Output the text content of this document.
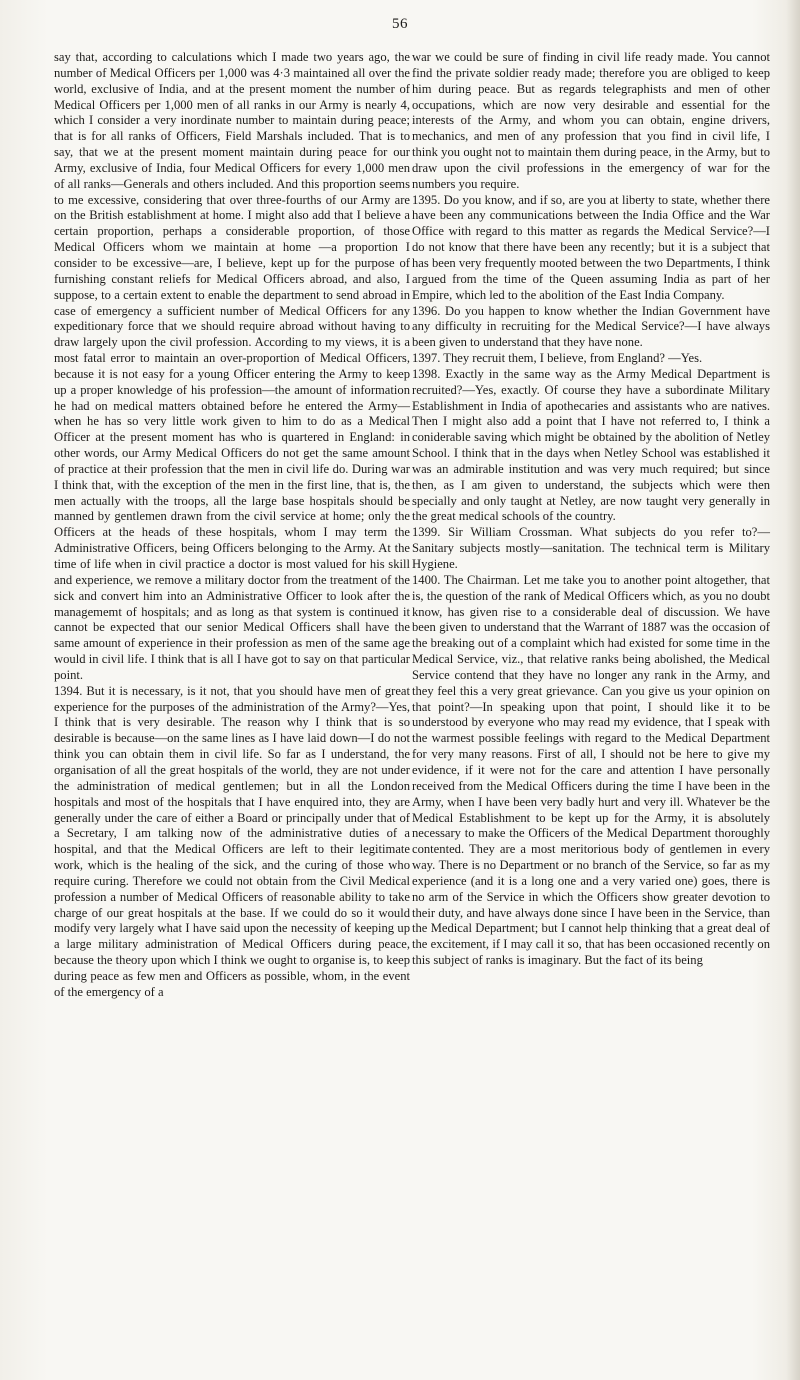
56

say that, according to calculations which I made two years ago, the number of Medical Officers per 1,000 was 4·3 maintained all over the world, exclusive of India, and at the present moment the number of Medical Officers per 1,000 men of all ranks in our Army is nearly 4, which I consider a very inordinate number to maintain during peace; that is for all ranks of Officers, Field Marshals included. That is to say, that we at the present moment maintain during peace for our Army, exclusive of India, four Medical Officers for every 1,000 men of all ranks—Generals and others included. And this proportion seems to me excessive, considering that over three-fourths of our Army are on the British establishment at home. I might also add that I believe a certain proportion, perhaps a considerable proportion, of those Medical Officers whom we maintain at home —a proportion I consider to be excessive—are, I believe, kept up for the purpose of furnishing constant reliefs for Medical Officers abroad, and also, I suppose, to a certain extent to enable the department to send abroad in case of emergency a sufficient number of Medical Officers for any expeditionary force that we should require abroad without having to draw largely upon the civil profession. According to my views, it is a most fatal error to maintain an over-proportion of Medical Officers, because it is not easy for a young Officer entering the Army to keep up a proper knowledge of his profession—the amount of information he had on medical matters obtained before he entered the Army—when he has so very little work given to him to do as a Medical Officer at the present moment has who is quartered in England: in other words, our Army Medical Officers do not get the same amount of practice at their profession that the men in civil life do. During war I think that, with the exception of the men in the first line, that is, the men actually with the troops, all the large base hospitals should be manned by gentlemen drawn from the civil service at home; only the Officers at the heads of these hospitals, whom I may term the Administrative Officers, being Officers belonging to the Army. At the time of life when in civil practice a doctor is most valued for his skill and experience, we remove a military doctor from the treatment of the sick and convert him into an Administrative Officer to look after the managememt of hospitals; and as long as that system is continued it cannot be expected that our senior Medical Officers shall have the same amount of experience in their profession as men of the same age would in civil life. I think that is all I have got to say on that particular point.

1394. But it is necessary, is it not, that you should have men of great experience for the purposes of the administration of the Army?—Yes, I think that is very desirable. The reason why I think that is so desirable is because—on the same lines as I have laid down—I do not think you can obtain them in civil life. So far as I understand, the organisation of all the great hospitals of the world, they are not under the administration of medical gentlemen; but in all the London hospitals and most of the hospitals that I have enquired into, they are generally under the care of either a Board or principally under that of a Secretary, I am talking now of the administrative duties of a hospital, and that the Medical Officers are left to their legitimate work, which is the healing of the sick, and the curing of those who require curing. Therefore we could not obtain from the Civil Medical profession a number of Medical Officers of reasonable ability to take charge of our great hospitals at the base. If we could do so it would modify very largely what I have said upon the necessity of keeping up a large military administration of Medical Officers during peace, because the theory upon which I think we ought to organise is, to keep during peace as few men and Officers as possible, whom, in the event of the emergency of a

war we could be sure of finding in civil life ready made. You cannot find the private soldier ready made; therefore you are obliged to keep him during peace. But as regards telegraphists and men of other occupations, which are now very desirable and essential for the interests of the Army, and whom you can obtain, engine drivers, mechanics, and men of any profession that you find in civil life, I think you ought not to maintain them during peace, in the Army, but to draw upon the civil professions in the emergency of war for the numbers you require.

1395. Do you know, and if so, are you at liberty to state, whether there have been any communications between the India Office and the War Office with regard to this matter as regards the Medical Service?—I do not know that there have been any recently; but it is a subject that has been very frequently mooted between the two Departments, I think argued from the time of the Queen assuming India as part of her Empire, which led to the abolition of the East India Company.

1396. Do you happen to know whether the Indian Government have any difficulty in recruiting for the Medical Service?—I have always been given to understand that they have none.

1397. They recruit them, I believe, from England? —Yes.

1398. Exactly in the same way as the Army Medical Department is recruited?—Yes, exactly. Of course they have a subordinate Military Establishment in India of apothecaries and assistants who are natives. Then I might also add a point that I have not referred to, I think a coniderable saving which might be obtained by the abolition of Netley School. I think that in the days when Netley School was established it was an admirable institution and was very much required; but since then, as I am given to understand, the subjects which were then specially and only taught at Netley, are now taught very generally in the great medical schools of the country.

1399. Sir William Crossman. What subjects do you refer to?—Sanitary subjects mostly—sanitation. The technical term is Military Hygiene.

1400. The Chairman. Let me take you to another point altogether, that is, the question of the rank of Medical Officers which, as you no doubt know, has given rise to a considerable deal of discussion. We have been given to understand that the Warrant of 1887 was the occasion of the breaking out of a complaint which had existed for some time in the Medical Service, viz., that relative ranks being abolished, the Medical Service contend that they have no longer any rank in the Army, and they feel this a very great grievance. Can you give us your opinion on that point?—In speaking upon that point, I should like it to be understood by everyone who may read my evidence, that I speak with the warmest possible feelings with regard to the Medical Department for very many reasons. First of all, I should not be here to give my evidence, if it were not for the care and attention I have personally received from the Medical Officers during the time I have been in the Army, when I have been very badly hurt and very ill. Whatever be the Medical Establishment to be kept up for the Army, it is absolutely necessary to make the Officers of the Medical Department thoroughly contented. They are a most meritorious body of gentlemen in every way. There is no Department or no branch of the Service, so far as my experience (and it is a long one and a very varied one) goes, there is no arm of the Service in which the Officers show greater devotion to their duty, and have always done since I have been in the Service, than the Medical Department; but I cannot help thinking that a great deal of the excitement, if I may call it so, that has been occasioned recently on this subject of ranks is imaginary. But the fact of its being
